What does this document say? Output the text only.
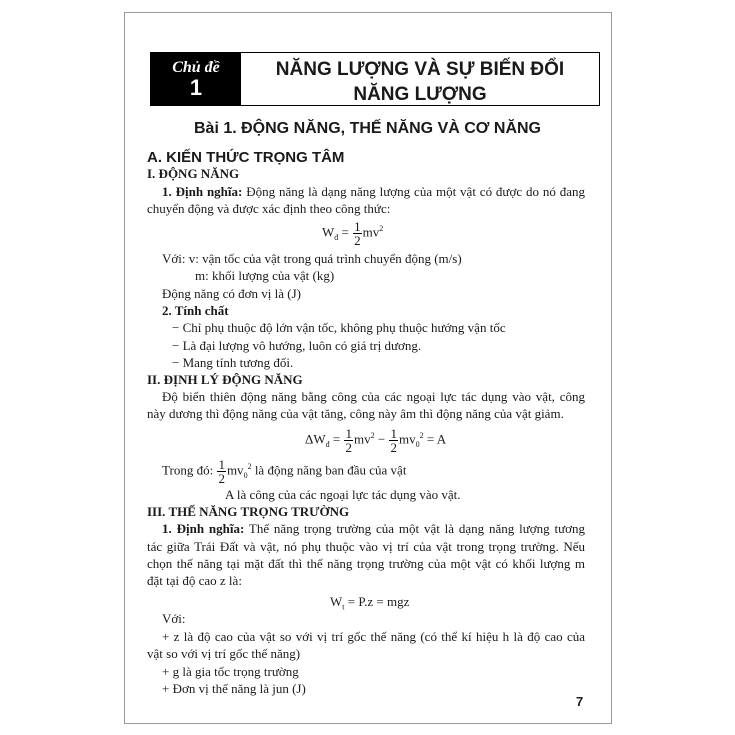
Chủ đề
1
NĂNG LƯỢNG VÀ SỰ BIẾN ĐỔI
NĂNG LƯỢNG
Bài 1. ĐỘNG NĂNG, THẾ NĂNG VÀ CƠ NĂNG
A. KIẾN THỨC TRỌNG TÂM
I. ĐỘNG NĂNG
1. Định nghĩa: Động năng là dạng năng lượng của một vật có được do nó đang
chuyển động và được xác định theo công thức:
$W_đ = \frac{1}{2} mv^2$
Với: v: vận tốc của vật trong quá trình chuyển động (m/s)
m: khối lượng của vật (kg)
Động năng có đơn vị là (J)
2. Tính chất
− Chỉ phụ thuộc độ lớn vận tốc, không phụ thuộc hướng vận tốc
− Là đại lượng vô hướng, luôn có giá trị dương.
− Mang tính tương đối.
II. ĐỊNH LÝ ĐỘNG NĂNG
Độ biến thiên động năng bằng công của các ngoại lực tác dụng vào vật, công
này dương thì động năng của vật tăng, công này âm thì động năng của vật giảm.
$\Delta W_đ = \frac{1}{2} mv^2 - \frac{1}{2} mv_0^2 = A$
Trong đó: $\frac{1}{2} mv_0^2$ là động năng ban đầu của vật
A là công của các ngoại lực tác dụng vào vật.
III. THẾ NĂNG TRỌNG TRƯỜNG
1. Định nghĩa: Thế năng trọng trường của một vật là dạng năng lượng tương
tác giữa Trái Đất và vật, nó phụ thuộc vào vị trí của vật trong trọng trường. Nếu
chọn thế năng tại mặt đất thì thế năng trọng trường của một vật có khối lượng m
đặt tại độ cao z là:
$W_t = P.z$ = mgz
Với:
+ z là độ cao của vật so với vị trí gốc thế năng (có thể kí hiệu h là độ cao của
vật so với vị trí gốc thế năng)
+ g là gia tốc trọng trường
+ Đơn vị thế năng là jun (J)
7
